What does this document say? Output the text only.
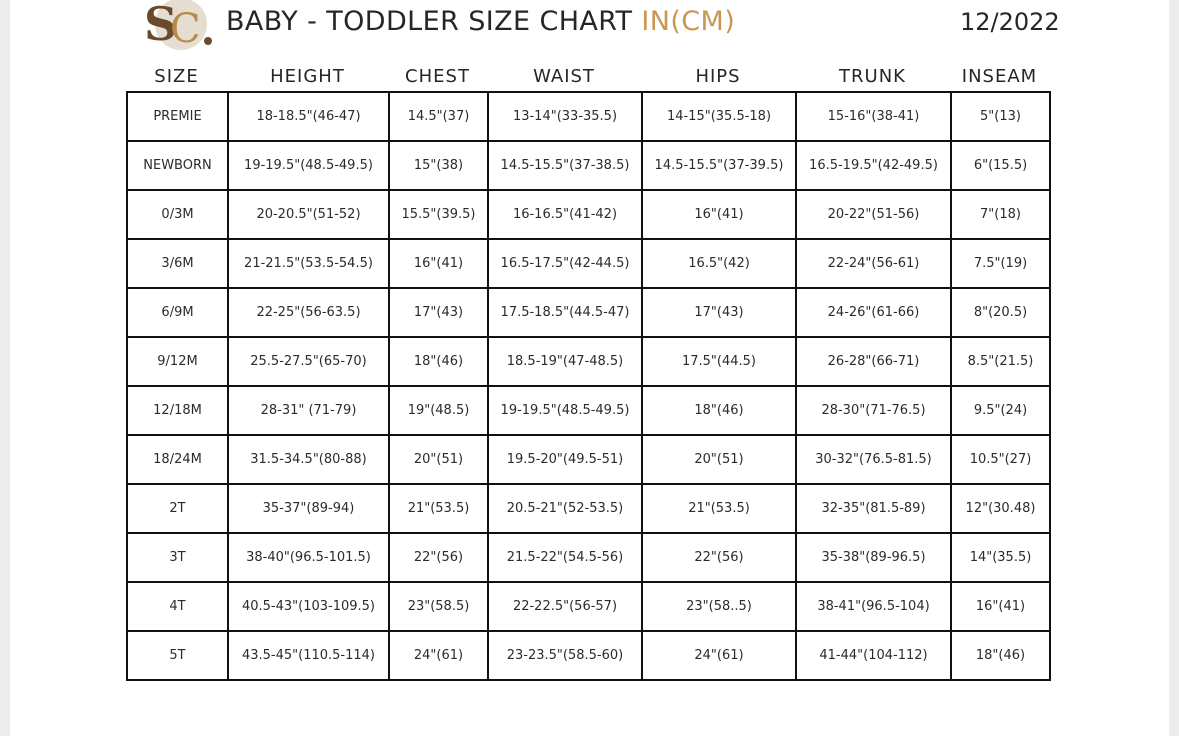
S
C BABY - TODDLER SIZE CHART IN(CM)	12/2022
SIZE	HEIGHT	CHEST	WAIST	HIPS	TRUNK	INSEAM
PREMIE	18-18.5"(46-47)	14.5"(37)	13-14"(33-35.5)	14-15"(35.5-18)	15-16"(38-41)	5"(13)
NEWBORN	19-19.5"(48.5-49.5)	15"(38)	14.5-15.5"(37-38.5)	14.5-15.5"(37-39.5)	16.5-19.5"(42-49.5)	6"(15.5)
0/3M	20-20.5"(51-52)	15.5"(39.5)	16-16.5"(41-42)	16"(41)	20-22"(51-56)	7"(18)
3/6M	21-21.5"(53.5-54.5)	16"(41)	16.5-17.5"(42-44.5)	16.5"(42)	22-24"(56-61)	7.5"(19)
6/9M	22-25"(56-63.5)	17"(43)	17.5-18.5"(44.5-47)	17"(43)	24-26"(61-66)	8"(20.5)
9/12M	25.5-27.5"(65-70)	18"(46)	18.5-19"(47-48.5)	17.5"(44.5)	26-28"(66-71)	8.5"(21.5)
12/18M	28-31" (71-79)	19"(48.5)	19-19.5"(48.5-49.5)	18"(46)	28-30"(71-76.5)	9.5"(24)
18/24M	31.5-34.5"(80-88)	20"(51)	19.5-20"(49.5-51)	20"(51)	30-32"(76.5-81.5)	10.5"(27)
2T	35-37"(89-94)	21"(53.5)	20.5-21"(52-53.5)	21"(53.5)	32-35"(81.5-89)	12"(30.48)
3T	38-40"(96.5-101.5)	22"(56)	21.5-22"(54.5-56)	22"(56)	35-38"(89-96.5)	14"(35.5)
4T	40.5-43"(103-109.5)	23"(58.5)	22-22.5"(56-57)	23"(58..5)	38-41"(96.5-104)	16"(41)
5T	43.5-45"(110.5-114)	24"(61)	23-23.5"(58.5-60)	24"(61)	41-44"(104-112)	18"(46)
